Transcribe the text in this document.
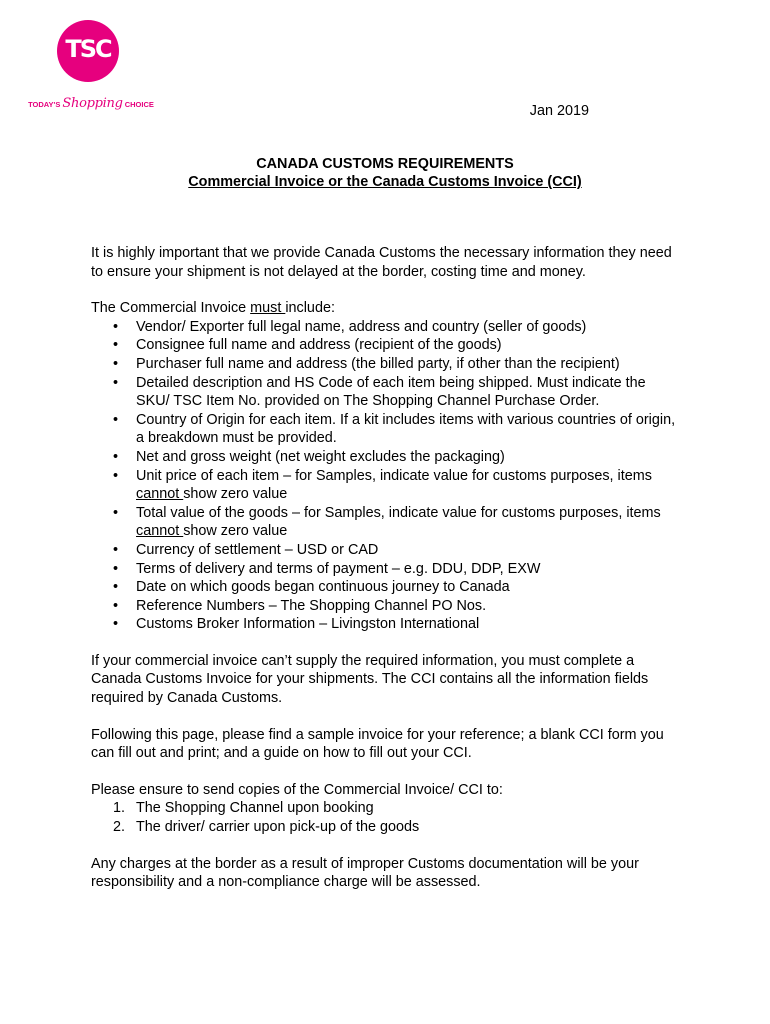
TSC
TODAY'S Shopping CHOICE	Jan 2019
CANADA CUSTOMS REQUIREMENTS
Commercial Invoice or the Canada Customs Invoice (CCI)

It is highly important that we provide Canada Customs the necessary information they need to ensure your shipment is not delayed at the border, costing time and money.

The Commercial Invoice must include:

• Vendor/ Exporter full legal name, address and country (seller of goods)
• Consignee full name and address (recipient of the goods)
• Purchaser full name and address (the billed party, if other than the recipient)
• Detailed description and HS Code of each item being shipped. Must indicate the SKU/ TSC Item No. provided on The Shopping Channel Purchase Order.
• Country of Origin for each item. If a kit includes items with various countries of origin, a breakdown must be provided.
• Net and gross weight (net weight excludes the packaging)
• Unit price of each item – for Samples, indicate value for customs purposes, items cannot show zero value
• Total value of the goods – for Samples, indicate value for customs purposes, items cannot show zero value
• Currency of settlement – USD or CAD
• Terms of delivery and terms of payment – e.g. DDU, DDP, EXW
• Date on which goods began continuous journey to Canada
• Reference Numbers – The Shopping Channel PO Nos.
• Customs Broker Information – Livingston International

If your commercial invoice can’t supply the required information, you must complete a Canada Customs Invoice for your shipments. The CCI contains all the information fields required by Canada Customs.

Following this page, please find a sample invoice for your reference; a blank CCI form you can fill out and print; and a guide on how to fill out your CCI.

Please ensure to send copies of the Commercial Invoice/ CCI to:

1. The Shopping Channel upon booking
2. The driver/ carrier upon pick-up of the goods

Any charges at the border as a result of improper Customs documentation will be your responsibility and a non-compliance charge will be assessed.
